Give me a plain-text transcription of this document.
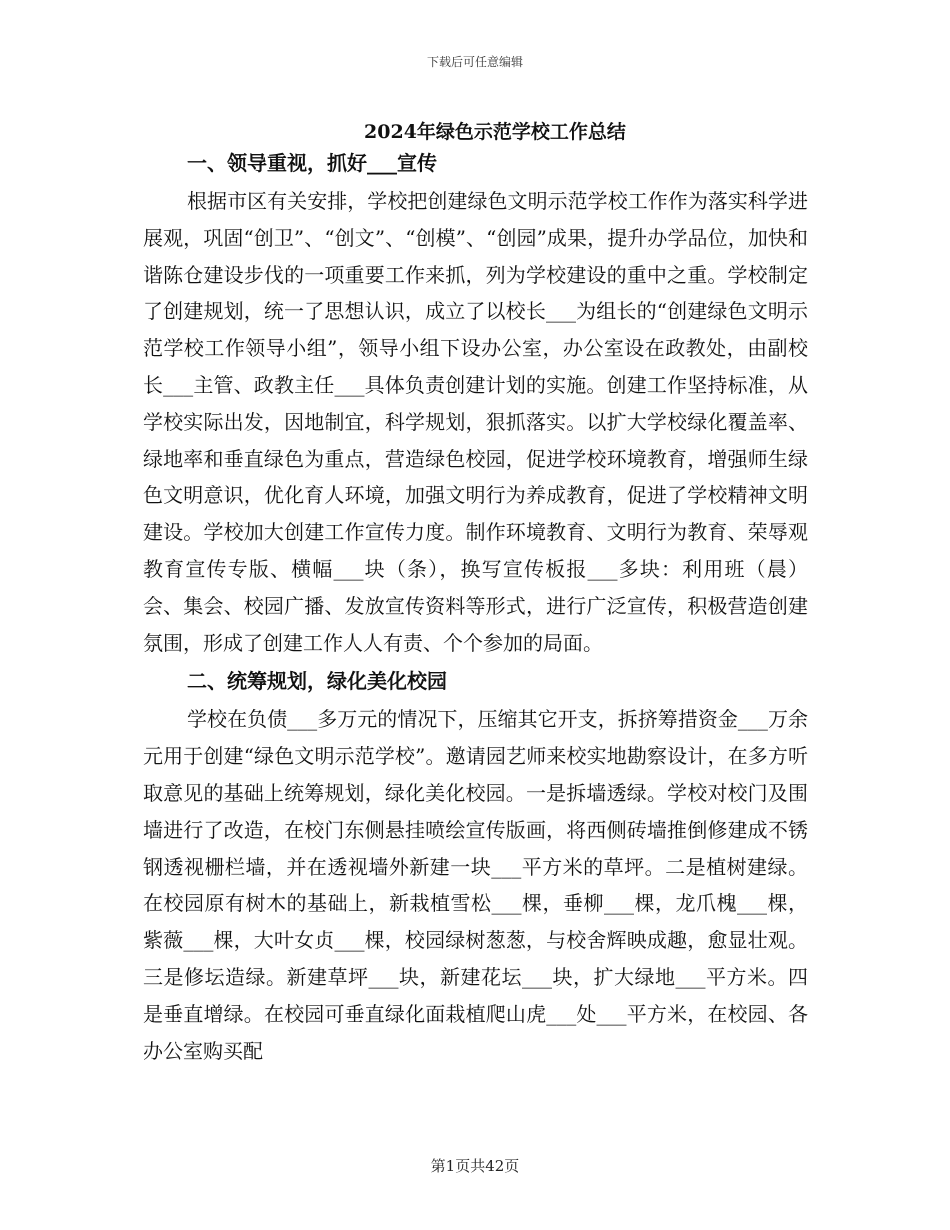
下载后可任意编辑
2024年绿色示范学校工作总结
一、领导重视，抓好___宣传

根据市区有关安排，学校把创建绿色文明示范学校工作作为落实科学进展观，巩固“创卫”、“创文”、“创模”、“创园”成果，提升办学品位，加快和谐陈仓建设步伐的一项重要工作来抓，列为学校建设的重中之重。学校制定了创建规划，统一了思想认识，成立了以校长___为组长的“创建绿色文明示范学校工作领导小组”，领导小组下设办公室，办公室设在政教处，由副校长___主管、政教主任___具体负责创建计划的实施。创建工作坚持标准，从学校实际出发，因地制宜，科学规划，狠抓落实。以扩大学校绿化覆盖率、绿地率和垂直绿色为重点，营造绿色校园，促进学校环境教育，增强师生绿色文明意识，优化育人环境，加强文明行为养成教育，促进了学校精神文明建设。学校加大创建工作宣传力度。制作环境教育、文明行为教育、荣辱观教育宣传专版、横幅___块（条），换写宣传板报___多块：利用班（晨）会、集会、校园广播、发放宣传资料等形式，进行广泛宣传，积极营造创建氛围，形成了创建工作人人有责、个个参加的局面。

二、统筹规划，绿化美化校园

学校在负债___多万元的情况下，压缩其它开支，拆挤筹措资金___万余元用于创建“绿色文明示范学校”。邀请园艺师来校实地勘察设计，在多方听取意见的基础上统筹规划，绿化美化校园。一是拆墙透绿。学校对校门及围墙进行了改造，在校门东侧悬挂喷绘宣传版画，将西侧砖墙推倒修建成不锈钢透视栅栏墙，并在透视墙外新建一块___平方米的草坪。二是植树建绿。在校园原有树木的基础上，新栽植雪松___棵，垂柳___棵，龙爪槐___棵，紫薇___棵，大叶女贞___棵，校园绿树葱葱，与校舍辉映成趣，愈显壮观。三是修坛造绿。新建草坪___块，新建花坛___块，扩大绿地___平方米。四是垂直增绿。在校园可垂直绿化面栽植爬山虎___处___平方米，在校园、各办公室购买配

第1页共42页
